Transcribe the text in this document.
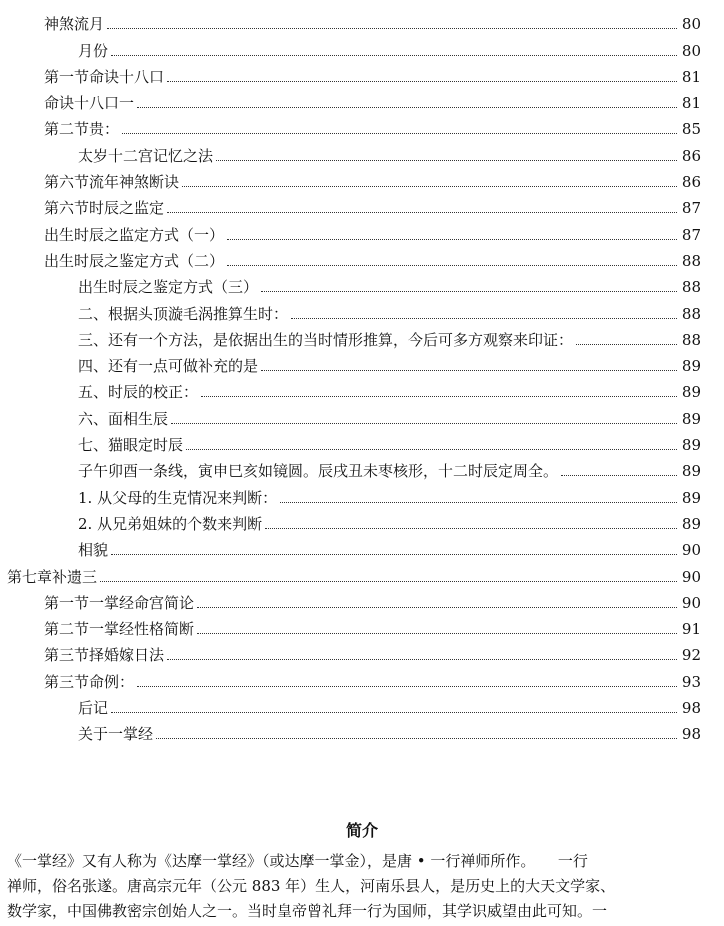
神煞流月	80
月份	80
第一节命诀十八口	81
命诀十八口一	81
第二节贵：	85
太岁十二宫记忆之法	86
第六节流年神煞断诀	86
第六节时辰之监定	87
出生时辰之监定方式（一）	87
出生时辰之鉴定方式（二）	88
出生时辰之鉴定方式（三）	88
二、根据头顶漩毛涡推算生时：	88
三、还有一个方法，是依据出生的当时情形推算，今后可多方观察来印证：	88
四、还有一点可做补充的是	89
五、时辰的校正：	89
六、面相生辰	89
七、猫眼定时辰	89
子午卯酉一条线，寅申巳亥如镜圆。辰戌丑未枣核形，十二时辰定周全。	89
1. 从父母的生克情况来判断：	89
2. 从兄弟姐妹的个数来判断	89
相貌	90
第七章补遗三	90
第一节一掌经命宫简论	90
第二节一掌经性格简断	91
第三节择婚嫁日法	92
第三节命例：	93
后记	98
关于一掌经	98
简介
《一掌经》又有人称为《达摩一掌经》（或达摩一掌金），是唐 • 一行禅师所作。　　一行
禅师，俗名张遂。唐高宗元年（公元 883 年）生人，河南乐县人，是历史上的大天文学家、
数学家，中国佛教密宗创始人之一。当时皇帝曾礼拜一行为国师，其学识威望由此可知。一
